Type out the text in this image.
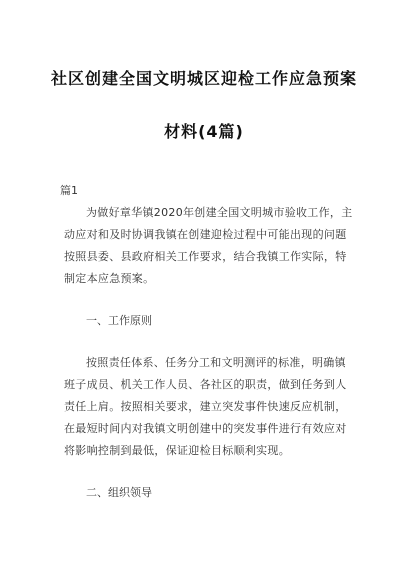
社区创建全国文明城区迎检工作应急预案
材料(4篇)
篇1
为做好章华镇2020年创建全国文明城市验收工作，主
动应对和及时协调我镇在创建迎检过程中可能出现的问题
按照县委、县政府相关工作要求，结合我镇工作实际，特
制定本应急预案。
一、工作原则
按照责任体系、任务分工和文明测评的标准，明确镇
班子成员、机关工作人员、各社区的职责，做到任务到人
责任上肩。按照相关要求，建立突发事件快速反应机制，
在最短时间内对我镇文明创建中的突发事件进行有效应对
将影响控制到最低，保证迎检目标顺利实现。
二、组织领导
